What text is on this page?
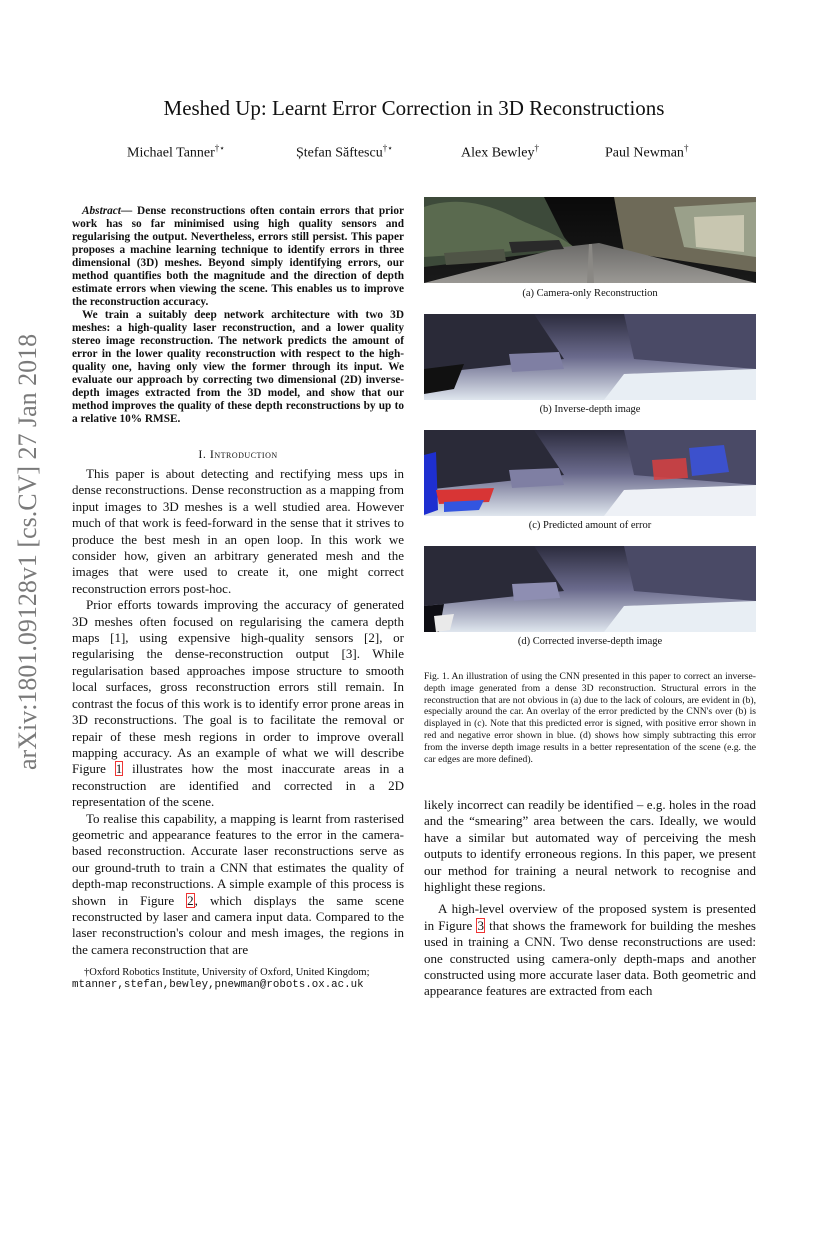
Meshed Up: Learnt Error Correction in 3D Reconstructions
Michael Tanner†⋆	Ștefan Săftescu†⋆	Alex Bewley†	Paul Newman†
arXiv:1801.09128v1 [cs.CV] 27 Jan 2018

Abstract— Dense reconstructions often contain errors that prior work has so far minimised using high quality sensors and regularising the output. Nevertheless, errors still persist. This paper proposes a machine learning technique to identify errors in three dimensional (3D) meshes. Beyond simply identifying errors, our method quantifies both the magnitude and the direction of depth estimate errors when viewing the scene. This enables us to improve the reconstruction accuracy.

We train a suitably deep network architecture with two 3D meshes: a high-quality laser reconstruction, and a lower quality stereo image reconstruction. The network predicts the amount of error in the lower quality reconstruction with respect to the high-quality one, having only view the former through its input. We evaluate our approach by correcting two dimensional (2D) inverse-depth images extracted from the 3D model, and show that our method improves the quality of these depth reconstructions by up to a relative 10% RMSE.

I. Introduction

This paper is about detecting and rectifying mess ups in dense reconstructions. Dense reconstruction as a mapping from input images to 3D meshes is a well studied area. However much of that work is feed-forward in the sense that it strives to produce the best mesh in an open loop. In this work we consider how, given an arbitrary generated mesh and the images that were used to create it, one might correct reconstruction errors post-hoc.

Prior efforts towards improving the accuracy of generated 3D meshes often focused on regularising the camera depth maps [1], using expensive high-quality sensors [2], or regularising the dense-reconstruction output [3]. While regularisation based approaches impose structure to smooth local surfaces, gross reconstruction errors still remain. In contrast the focus of this work is to identify error prone areas in 3D reconstructions. The goal is to facilitate the removal or repair of these mesh regions in order to improve overall mapping accuracy. As an example of what we will describe Figure 1 illustrates how the most inaccurate areas in a reconstruction are identified and corrected in a 2D representation of the scene.

To realise this capability, a mapping is learnt from rasterised geometric and appearance features to the error in the camera-based reconstruction. Accurate laser reconstructions serve as our ground-truth to train a CNN that estimates the quality of depth-map reconstructions. A simple example of this process is shown in Figure 2, which displays the same scene reconstructed by laser and camera input data. Compared to the laser reconstruction's colour and mesh images, the regions in the camera reconstruction that are

†Oxford Robotics Institute, University of Oxford, United Kingdom;
mtanner,stefan,bewley,pnewman@robots.ox.ac.uk
(a) Camera-only Reconstruction
(b) Inverse-depth image
(c) Predicted amount of error
(d) Corrected inverse-depth image
Fig. 1. An illustration of using the CNN presented in this paper to correct an inverse-depth image generated from a dense 3D reconstruction. Structural errors in the reconstruction that are not obvious in (a) due to the lack of colours, are evident in (b), especially around the car. An overlay of the error predicted by the CNN's over (b) is displayed in (c). Note that this predicted error is signed, with positive error shown in red and negative error shown in blue. (d) shows how simply subtracting this error from the inverse depth image results in a better representation of the scene (e.g. the car edges are more defined).

likely incorrect can readily be identified – e.g. holes in the road and the “smearing” area between the cars. Ideally, we would have a similar but automated way of perceiving the mesh outputs to identify erroneous regions. In this paper, we present our method for training a neural network to recognise and highlight these regions.

A high-level overview of the proposed system is presented in Figure 3 that shows the framework for building the meshes used in training a CNN. Two dense reconstructions are used: one constructed using camera-only depth-maps and another constructed using more accurate laser data. Both geometric and appearance features are extracted from each
